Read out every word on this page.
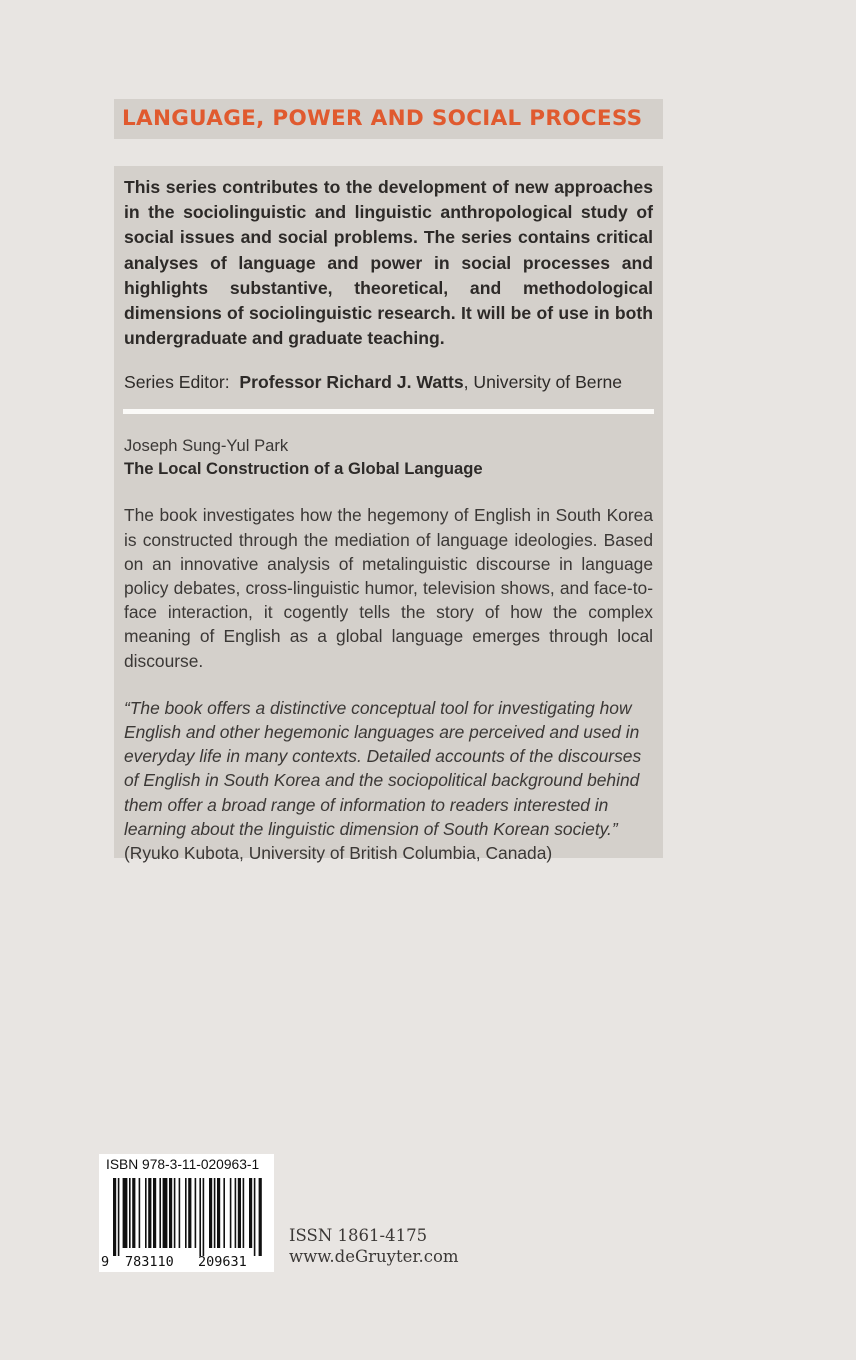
LANGUAGE, POWER AND SOCIAL PROCESS

This series contributes to the development of new approaches in the sociolinguistic and linguistic anthropological study of social issues and social problems. The series contains critical analyses of language and power in social processes and highlights substantive, theoretical, and methodological dimensions of sociolinguistic research. It will be of use in both undergraduate and graduate teaching.

Series Editor: Professor Richard J. Watts, University of Berne

Joseph Sung-Yul Park

The Local Construction of a Global Language

The book investigates how the hegemony of English in South Korea is constructed through the mediation of language ideologies. Based on an innovative analysis of metalinguistic discourse in language policy debates, cross-linguistic humor, television shows, and face-to-face interaction, it cogently tells the story of how the complex meaning of English as a global language emerges through local discourse.

“The book offers a distinctive conceptual tool for investigating how English and other hegemonic languages are perceived and used in everyday life in many contexts. Detailed accounts of the discourses of English in South Korea and the sociopolitical background behind them offer a broad range of information to readers interested in learning about the linguistic dimension of South Korean society.”

(Ryuko Kubota, University of British Columbia, Canada)

ISBN 978-3-11-020963-1
9 783110 209631
ISSN 1861-4175
www.deGruyter.com
